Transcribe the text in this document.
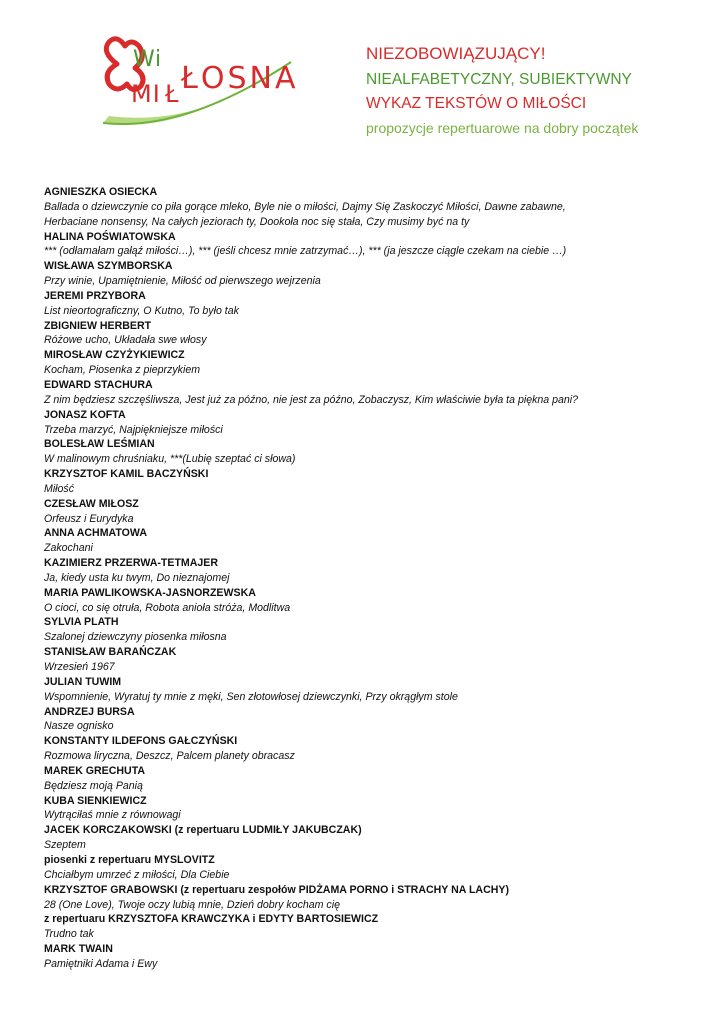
W i
MI Ł ŁOSNA
NIEZOBOWIĄZUJĄCY!
NIEALFABETYCZNY, SUBIEKTYWNY
WYKAZ TEKSTÓW O MIŁOŚCI
propozycje repertuarowe na dobry początek
AGNIESZKA OSIECKA
Ballada o dziewczynie co piła gorące mleko, Byle nie o miłości, Dajmy Się Zaskoczyć Miłości, Dawne zabawne,
Herbaciane nonsensy, Na całych jeziorach ty, Dookoła noc się stała, Czy musimy być na ty
HALINA POŚWIATOWSKA
*** (odłamałam gałąź miłości…), *** (jeśli chcesz mnie zatrzymać…), *** (ja jeszcze ciągle czekam na ciebie …)
WISŁAWA SZYMBORSKA
Przy winie, Upamiętnienie, Miłość od pierwszego wejrzenia
JEREMI PRZYBORA
List nieortograficzny, O Kutno, To było tak
ZBIGNIEW HERBERT
Różowe ucho, Układała swe włosy
MIROSŁAW CZYŻYKIEWICZ
Kocham, Piosenka z pieprzykiem
EDWARD STACHURA
Z nim będziesz szczęśliwsza, Jest już za późno, nie jest za późno, Zobaczysz, Kim właściwie była ta piękna pani?
JONASZ KOFTA
Trzeba marzyć, Najpiękniejsze miłości
BOLESŁAW LEŚMIAN
W malinowym chruśniaku, ***(Lubię szeptać ci słowa)
KRZYSZTOF KAMIL BACZYŃSKI
Miłość
CZESŁAW MIŁOSZ
Orfeusz i Eurydyka
ANNA ACHMATOWA
Zakochani
KAZIMIERZ PRZERWA-TETMAJER
Ja, kiedy usta ku twym, Do nieznajomej
MARIA PAWLIKOWSKA-JASNORZEWSKA
O cioci, co się otruła, Robota anioła stróża, Modlitwa
SYLVIA PLATH
Szalonej dziewczyny piosenka miłosna
STANISŁAW BARAŃCZAK
Wrzesień 1967
JULIAN TUWIM
Wspomnienie, Wyratuj ty mnie z męki, Sen złotowłosej dziewczynki, Przy okrągłym stole
ANDRZEJ BURSA
Nasze ognisko
KONSTANTY ILDEFONS GAŁCZYŃSKI
Rozmowa liryczna, Deszcz, Palcem planety obracasz
MAREK GRECHUTA
Będziesz moją Panią
KUBA SIENKIEWICZ
Wytrąciłaś mnie z równowagi
JACEK KORCZAKOWSKI (z repertuaru LUDMIŁY JAKUBCZAK)
Szeptem
piosenki z repertuaru MYSLOVITZ
Chciałbym umrzeć z miłości, Dla Ciebie
KRZYSZTOF GRABOWSKI (z repertuaru zespołów PIDŻAMA PORNO i STRACHY NA LACHY)
28 (One Love), Twoje oczy lubią mnie, Dzień dobry kocham cię
z repertuaru KRZYSZTOFA KRAWCZYKA i EDYTY BARTOSIEWICZ
Trudno tak
MARK TWAIN
Pamiętniki Adama i Ewy
